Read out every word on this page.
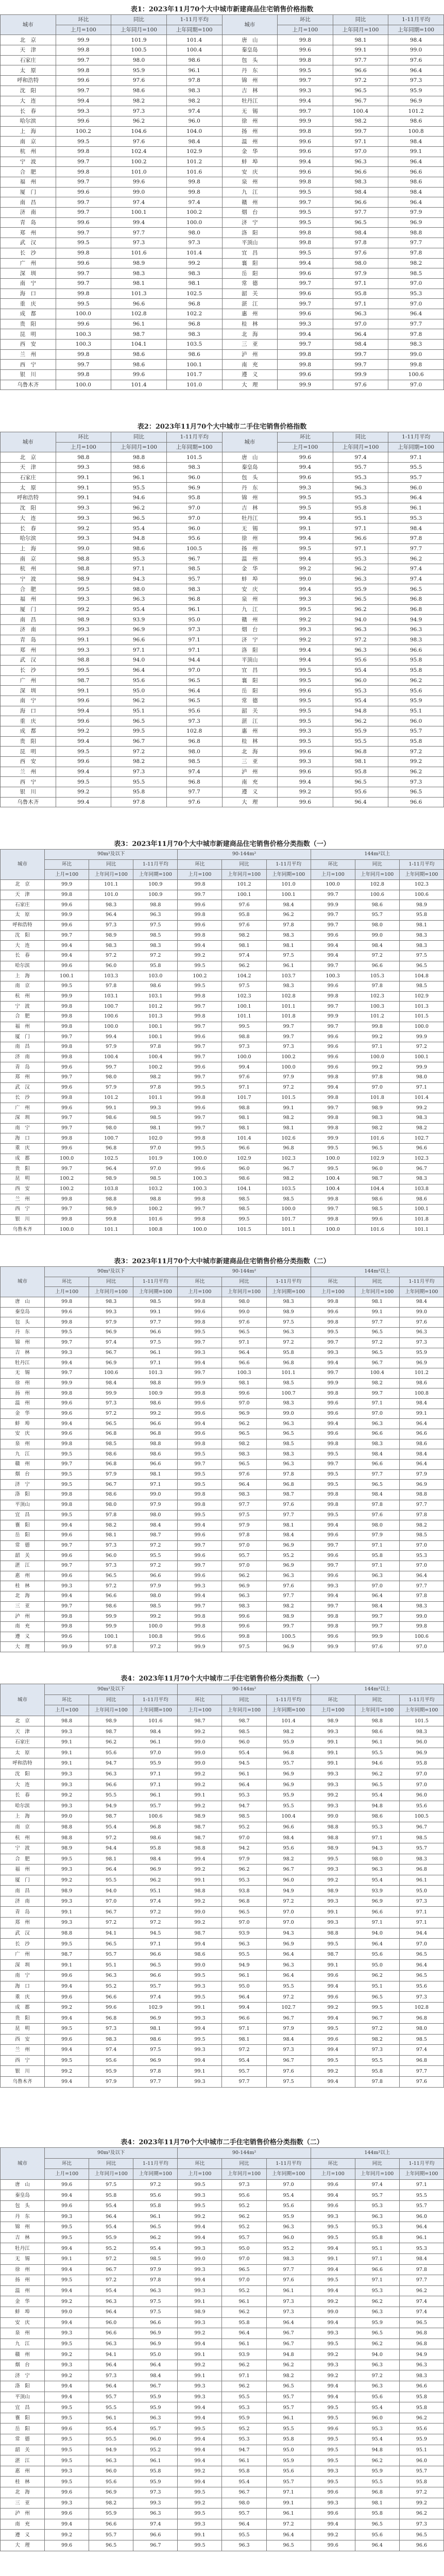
表1：2023年11月70个大中城市新建商品住宅销售价格指数
城市	环比	同比	1-11月平均	城市	环比	同比	1-11月平均
	上月=100	上年同月=100	上年同期=100		上月=100	上年同月=100	上年同期=100
北　京	99.9	101.9	101.4	唐　山	99.8	98.1	98.4
天　津	99.8	100.5	100.4	秦皇岛	99.6	99.1	99.0
石家庄	99.7	98.0	98.6	包　头	99.8	97.7	97.6
太　原	99.8	95.9	96.1	丹　东	99.5	96.6	96.4
呼和浩特	99.6	97.6	97.8	锦　州	99.7	97.2	97.3
沈　阳	99.7	98.6	98.3	吉　林	99.3	96.5	95.9
大　连	99.4	98.2	98.2	牡丹江	99.4	96.7	96.9
长　春	99.3	97.3	97.4	无　锡	99.7	100.4	101.2
哈尔滨	99.6	96.2	96.0	徐　州	99.9	98.2	98.6
上　海	100.2	104.6	104.0	扬　州	99.8	99.7	100.8
南　京	99.5	97.6	98.4	温　州	99.6	97.1	98.4
杭　州	99.8	102.4	102.9	金　华	99.6	97.0	99.1
宁　波	99.7	100.2	101.2	蚌　埠	99.4	96.3	96.4
合　肥	99.8	101.0	101.6	安　庆	99.6	96.6	96.6
福　州	99.7	99.6	99.8	泉　州	99.8	98.3	98.6
厦　门	99.6	99.0	99.8	九　江	99.5	98.4	98.4
南　昌	99.7	97.4	97.4	赣　州	99.7	96.6	96.4
济　南	99.7	100.1	100.2	烟　台	99.5	97.7	97.9
青　岛	99.6	99.4	100.0	济　宁	99.5	96.5	96.9
郑　州	99.7	97.7	98.0	洛　阳	99.8	98.4	98.8
武　汉	99.5	97.3	97.3	平顶山	99.8	97.8	97.7
长　沙	99.8	101.6	101.4	宜　昌	99.5	97.6	97.8
广　州	99.6	98.9	99.2	襄　阳	99.4	98.0	98.2
深　圳	99.7	98.3	98.3	岳　阳	99.6	97.9	98.5
南　宁	99.7	98.1	98.1	常　德	99.7	97.1	97.0
海　口	99.8	101.3	102.5	韶　关	99.6	95.8	95.3
重　庆	99.5	96.6	96.8	湛　江	99.7	97.1	97.0
成　都	100.0	102.8	102.2	惠　州	99.6	96.3	96.4
贵　阳	99.6	96.1	96.8	桂　林	99.3	97.0	97.7
昆　明	100.3	98.7	98.3	北　海	99.4	96.4	97.8
西　安	100.3	104.1	103.5	三　亚	99.7	98.4	98.3
兰　州	99.8	98.6	98.6	泸　州	99.8	99.7	99.0
西　宁	99.7	98.6	100.1	南　充	99.8	99.7	99.8
银　川	99.8	99.6	101.7	遵　义	99.6	99.9	100.6
乌鲁木齐	100.0	101.4	101.0	大　理	99.9	97.6	97.0
表2：2023年11月70个大中城市二手住宅销售价格指数
城市	环比	同比	1-11月平均	城市	环比	同比	1-11月平均
	上月=100	上年同月=100	上年同期=100		上月=100	上年同月=100	上年同期=100
北　京	98.8	98.8	101.5	唐　山	99.6	97.4	97.1
天　津	99.3	98.6	98.3	秦皇岛	99.4	95.7	95.5
石家庄	99.1	96.1	96.0	包　头	99.6	95.3	95.7
太　原	99.1	95.5	96.9	丹　东	99.3	96.3	96.0
呼和浩特	99.1	94.6	95.8	锦　州	99.5	95.3	96.4
沈　阳	99.3	96.2	97.0	吉　林	99.5	95.8	96.1
大　连	99.3	96.5	97.0	牡丹江	99.4	95.1	95.3
长　春	99.2	95.4	96.0	无　锡	99.1	97.1	98.4
哈尔滨	99.3	94.8	95.6	徐　州	99.4	96.6	97.8
上　海	99.0	98.6	100.5	扬　州	99.5	97.1	97.7
南　京	98.8	95.3	96.7	温　州	99.4	95.3	96.2
杭　州	98.8	97.1	98.5	金　华	99.2	96.2	97.4
宁　波	98.9	94.3	95.7	蚌　埠	99.0	96.3	97.4
合　肥	99.5	98.0	98.3	安　庆	99.4	95.9	96.5
福　州	99.3	96.3	96.8	泉　州	99.3	96.5	96.8
厦　门	99.2	95.4	96.1	九　江	99.5	96.2	96.8
南　昌	98.9	93.9	95.0	赣　州	99.2	94.0	94.9
济　南	99.3	96.9	97.3	烟　台	99.3	96.3	96.3
青　岛	99.1	96.6	97.1	济　宁	99.2	97.2	98.3
郑　州	99.3	97.1	97.1	洛　阳	99.4	96.3	96.6
武　汉	98.8	94.0	94.4	平顶山	99.4	95.6	95.8
长　沙	99.5	96.4	97.0	宜　昌	99.5	95.4	95.8
广　州	98.7	95.6	96.5	襄　阳	99.5	96.0	96.2
深　圳	99.1	95.0	96.4	岳　阳	99.6	95.3	95.6
南　宁	99.6	96.2	96.5	常　德	99.5	95.4	95.9
海　口	99.4	95.1	95.6	韶　关	99.5	94.8	95.1
重　庆	99.6	96.5	97.3	湛　江	99.5	96.2	96.0
成　都	99.2	99.5	102.8	惠　州	99.3	95.9	95.7
贵　阳	99.4	96.7	96.8	桂　林	99.5	95.5	95.8
昆　明	99.5	97.2	98.0	北　海	99.6	96.8	97.2
西　安	99.6	98.2	98.5	三　亚	99.3	98.1	99.2
兰　州	99.4	97.3	97.4	泸　州	99.6	95.8	96.2
西　宁	99.5	95.5	96.8	南　充	99.4	96.5	97.3
银　川	99.2	95.8	97.7	遵　义	99.2	95.6	96.5
乌鲁木齐	99.4	97.8	97.6	大　理	99.6	96.4	96.6
表3：2023年11月70个大中城市新建商品住宅销售价格分类指数（一）
城市	90m²及以下			90-144m²			144m²以上		
	环比	同比	1-11月平均	环比	同比	1-11月平均	环比	同比	1-11月平均
	上月=100	上年同月=100	上年同期=100	上月=100	上年同月=100	上年同期=100	上月=100	上年同月=100	上年同期=100
北　京	99.9	101.1	100.9	99.8	101.2	101.0	100.0	102.8	102.3
天　津	99.8	101.0	100.9	99.7	100.1	100.1	99.7	100.6	100.6
石家庄	99.6	98.3	98.8	99.6	97.6	98.4	99.9	98.6	98.9
太　原	99.9	96.4	96.3	99.8	95.8	96.2	99.7	95.7	95.8
呼和浩特	99.6	97.3	97.5	99.6	97.6	97.8	99.7	98.0	98.1
沈　阳	99.7	98.9	98.5	99.8	98.2	98.3	99.6	99.0	98.3
大　连	99.4	98.3	98.3	99.4	98.1	98.1	99.4	98.4	98.3
长　春	99.4	97.2	97.2	99.2	97.4	97.5	99.4	97.2	97.5
哈尔滨	99.6	96.0	95.8	99.5	96.2	96.1	99.7	96.6	96.5
上　海	100.1	103.3	103.0	100.2	104.2	103.7	100.3	105.3	104.8
南　京	99.5	97.8	98.6	99.5	97.5	98.3	99.6	97.8	98.5
杭　州	99.9	103.1	103.1	99.8	102.3	102.8	99.8	102.3	102.9
宁　波	99.8	100.7	101.2	99.7	100.1	101.1	99.7	100.3	101.3
合　肥	99.8	100.6	101.3	99.8	101.1	101.8	99.9	101.2	101.5
福　州	99.8	100.0	100.1	99.7	99.5	99.7	99.7	99.8	100.0
厦　门	99.7	99.4	100.1	99.6	98.8	99.7	99.6	99.2	99.9
南　昌	99.8	97.9	97.8	99.7	97.3	97.3	99.6	97.1	97.2
济　南	99.8	100.4	100.4	99.7	100.0	100.2	99.6	100.0	100.1
青　岛	99.6	99.7	100.2	99.6	99.4	100.0	99.6	99.2	99.9
郑　州	99.7	98.0	98.2	99.7	97.6	97.9	99.8	97.8	98.0
武　汉	99.6	97.9	97.8	99.5	97.1	97.2	99.4	97.0	97.1
长　沙	99.8	101.2	101.1	99.8	101.7	101.5	99.8	101.8	101.4
广　州	99.6	99.1	99.3	99.6	98.8	99.1	99.7	98.9	99.2
深　圳	99.7	98.6	98.5	99.7	98.1	98.2	99.8	98.3	98.3
南　宁	99.7	98.0	98.1	99.7	98.1	98.1	99.8	98.2	98.2
海　口	99.8	100.7	102.0	99.8	101.4	102.6	99.9	101.6	102.7
重　庆	99.6	96.8	97.0	99.5	96.6	96.8	99.5	96.5	96.6
成　都	100.0	102.5	101.9	100.0	102.9	102.3	100.0	102.9	102.3
贵　阳	99.7	96.4	97.0	99.6	96.0	96.7	99.5	96.0	96.7
昆　明	100.2	98.9	98.5	100.3	98.6	98.2	100.4	98.7	98.3
西　安	100.2	103.8	103.2	100.3	104.1	103.5	100.4	104.4	103.8
兰　州	99.8	98.8	98.8	99.8	98.5	98.5	99.8	98.6	98.6
西　宁	99.7	98.9	100.2	99.7	98.5	100.0	99.7	98.5	100.1
银　川	99.8	99.8	101.6	99.8	99.5	101.7	99.8	99.6	101.8
乌鲁木齐	100.0	101.1	100.8	100.0	101.5	101.1	100.0	101.6	101.1
表3：2023年11月70个大中城市新建商品住宅销售价格分类指数（二）
城市	90m²及以下			90-144m²			144m²以上		
	环比	同比	1-11月平均	环比	同比	1-11月平均	环比	同比	1-11月平均
	上月=100	上年同月=100	上年同期=100	上月=100	上年同月=100	上年同期=100	上月=100	上年同月=100	上年同期=100
唐　山	99.8	98.3	98.5	99.8	98.0	98.3	99.8	98.1	98.4
秦皇岛	99.6	99.3	99.1	99.6	99.0	98.9	99.6	99.1	99.0
包　头	99.8	97.9	97.7	99.8	97.6	97.5	99.8	97.7	97.6
丹　东	99.5	96.9	96.6	99.5	96.5	96.3	99.5	96.5	96.3
锦　州	99.7	97.4	97.5	99.7	97.1	97.2	99.7	97.2	97.3
吉　林	99.3	96.7	96.1	99.3	96.4	95.8	99.3	96.5	95.9
牡丹江	99.4	96.9	97.1	99.4	96.6	96.8	99.4	96.7	96.9
无　锡	99.7	100.6	101.3	99.7	100.3	101.1	99.7	100.4	101.2
徐　州	99.9	98.4	98.8	99.9	98.1	98.5	99.9	98.2	98.6
扬　州	99.8	99.9	100.9	99.8	99.6	100.7	99.8	99.7	100.8
温　州	99.6	97.3	98.6	99.6	97.0	98.3	99.6	97.1	98.4
金　华	99.6	97.2	99.2	99.6	96.9	99.0	99.6	97.0	99.1
蚌　埠	99.4	96.5	96.6	99.4	96.2	96.3	99.4	96.3	96.4
安　庆	99.6	96.8	96.8	99.6	96.5	96.5	99.6	96.6	96.6
泉　州	99.8	98.5	98.8	99.8	98.2	98.5	99.8	98.3	98.6
九　江	99.5	98.6	98.6	99.5	98.3	98.3	99.5	98.4	98.4
赣　州	99.7	96.8	96.6	99.7	96.5	96.3	99.7	96.6	96.4
烟　台	99.5	97.9	98.1	99.5	97.6	97.8	99.5	97.7	97.9
济　宁	99.5	96.7	97.1	99.5	96.4	96.8	99.5	96.5	96.9
洛　阳	99.8	98.6	99.0	99.8	98.3	98.7	99.8	98.4	98.8
平顶山	99.8	98.0	97.9	99.8	97.7	97.6	99.8	97.8	97.7
宜　昌	99.5	97.8	98.0	99.5	97.5	97.7	99.5	97.6	97.8
襄　阳	99.4	98.2	98.4	99.4	97.9	98.1	99.4	98.0	98.2
岳　阳	99.6	98.1	98.7	99.6	97.8	98.4	99.6	97.9	98.5
常　德	99.7	97.3	97.2	99.7	97.0	96.9	99.7	97.1	97.0
韶　关	99.6	96.0	95.5	99.6	95.7	95.2	99.6	95.8	95.3
湛　江	99.7	97.3	97.2	99.7	97.0	96.9	99.7	97.1	97.0
惠　州	99.6	96.5	96.6	99.6	96.2	96.3	99.6	96.3	96.4
桂　林	99.3	97.2	97.9	99.3	96.9	97.6	99.3	97.0	97.7
北　海	99.4	96.6	98.0	99.4	96.3	97.7	99.4	96.4	97.8
三　亚	99.7	98.6	98.5	99.7	98.3	98.2	99.7	98.4	98.3
泸　州	99.8	99.9	99.2	99.8	99.6	98.9	99.8	99.7	99.0
南　充	99.8	99.9	100.0	99.8	99.6	99.7	99.8	99.7	99.8
遵　义	99.6	100.1	100.8	99.6	99.8	100.5	99.6	99.9	100.6
大　理	99.9	97.8	97.2	99.9	97.5	96.9	99.9	97.6	97.0
表4：2023年11月70个大中城市二手住宅销售价格分类指数（一）
城市	90m²及以下			90-144m²			144m²以上		
	环比	同比	1-11月平均	环比	同比	1-11月平均	环比	同比	1-11月平均
	上月=100	上年同月=100	上年同期=100	上月=100	上年同月=100	上年同期=100	上月=100	上年同月=100	上年同期=100
北　京	98.8	98.9	101.6	98.7	98.7	101.4	98.9	98.8	101.5
天　津	99.3	98.7	98.4	99.2	98.5	98.2	99.3	98.6	98.3
石家庄	99.1	96.2	96.1	99.0	96.0	95.9	99.1	96.1	96.0
太　原	99.1	95.6	97.0	99.0	95.4	96.8	99.1	95.5	96.9
呼和浩特	99.1	94.7	95.9	99.0	94.5	95.7	99.1	94.6	95.8
沈　阳	99.3	96.3	97.1	99.2	96.1	96.9	99.3	96.2	97.0
大　连	99.3	96.6	97.1	99.2	96.4	96.9	99.3	96.5	97.0
长　春	99.2	95.5	96.1	99.1	95.3	95.9	99.2	95.4	96.0
哈尔滨	99.3	94.9	95.7	99.2	94.7	95.5	99.3	94.8	95.6
上　海	99.0	98.7	100.6	98.9	98.5	100.4	99.0	98.6	100.5
南　京	98.8	95.4	96.8	98.7	95.2	96.6	98.8	95.3	96.7
杭　州	98.8	97.2	98.6	98.7	97.0	98.4	98.8	97.1	98.5
宁　波	98.9	94.4	95.8	98.8	94.2	95.6	98.9	94.3	95.7
合　肥	99.5	98.1	98.4	99.4	97.9	98.2	99.5	98.0	98.3
福　州	99.3	96.4	96.9	99.2	96.2	96.7	99.3	96.3	96.8
厦　门	99.2	95.5	96.2	99.1	95.3	96.0	99.2	95.4	96.1
南　昌	98.9	94.0	95.1	98.8	93.8	94.9	98.9	93.9	95.0
济　南	99.3	97.0	97.4	99.2	96.8	97.2	99.3	96.9	97.3
青　岛	99.1	96.7	97.2	99.0	96.5	97.0	99.1	96.6	97.1
郑　州	99.3	97.2	97.2	99.2	97.0	97.0	99.3	97.1	97.1
武　汉	98.8	94.1	94.5	98.7	93.9	94.3	98.8	94.0	94.4
长　沙	99.5	96.5	97.1	99.4	96.3	96.9	99.5	96.4	97.0
广　州	98.7	95.7	96.6	98.6	95.5	96.4	98.7	95.6	96.5
深　圳	99.1	95.1	96.5	99.0	94.9	96.3	99.1	95.0	96.4
南　宁	99.6	96.3	96.6	99.5	96.1	96.4	99.6	96.2	96.5
海　口	99.4	95.2	95.7	99.3	95.0	95.5	99.4	95.1	95.6
重　庆	99.6	96.6	97.4	99.5	96.4	97.2	99.6	96.5	97.3
成　都	99.2	99.6	102.9	99.1	99.4	102.7	99.2	99.5	102.8
贵　阳	99.4	96.8	96.9	99.3	96.6	96.7	99.4	96.7	96.8
昆　明	99.5	97.3	98.1	99.4	97.1	97.9	99.5	97.2	98.0
西　安	99.6	98.3	98.6	99.5	98.1	98.4	99.6	98.2	98.5
兰　州	99.4	97.4	97.5	99.3	97.2	97.3	99.4	97.3	97.4
西　宁	99.5	95.6	96.9	99.4	95.4	96.7	99.5	95.5	96.8
银　川	99.2	95.9	97.8	99.1	95.7	97.6	99.2	95.8	97.7
乌鲁木齐	99.4	97.9	97.7	99.3	97.7	97.5	99.4	97.8	97.6
表4：2023年11月70个大中城市二手住宅销售价格分类指数（二）
城市	90m²及以下			90-144m²			144m²以上		
	环比	同比	1-11月平均	环比	同比	1-11月平均	环比	同比	1-11月平均
	上月=100	上年同月=100	上年同期=100	上月=100	上年同月=100	上年同期=100	上月=100	上年同月=100	上年同期=100
唐　山	99.6	97.5	97.2	99.5	97.3	97.0	99.6	97.4	97.1
秦皇岛	99.4	95.8	95.6	99.3	95.6	95.4	99.4	95.7	95.5
包　头	99.6	95.4	95.8	99.5	95.2	95.6	99.6	95.3	95.7
丹　东	99.3	96.4	96.1	99.2	96.2	95.9	99.3	96.3	96.0
锦　州	99.5	95.4	96.5	99.4	95.2	96.3	99.5	95.3	96.4
吉　林	99.5	95.9	96.2	99.4	95.7	96.0	99.5	95.8	96.1
牡丹江	99.4	95.2	95.4	99.3	95.0	95.2	99.4	95.1	95.3
无　锡	99.1	97.2	98.5	99.0	97.0	98.3	99.1	97.1	98.4
徐　州	99.4	96.7	97.9	99.3	96.5	97.7	99.4	96.6	97.8
扬　州	99.5	97.2	97.8	99.4	97.0	97.6	99.5	97.1	97.7
温　州	99.4	95.4	96.3	99.3	95.2	96.1	99.4	95.3	96.2
金　华	99.2	96.3	97.5	99.1	96.1	97.3	99.2	96.2	97.4
蚌　埠	99.0	96.4	97.5	98.9	96.2	97.3	99.0	96.3	97.4
安　庆	99.4	96.0	96.6	99.3	95.8	96.4	99.4	95.9	96.5
泉　州	99.3	96.6	96.9	99.2	96.4	96.7	99.3	96.5	96.8
九　江	99.5	96.3	96.9	99.4	96.1	96.7	99.5	96.2	96.8
赣　州	99.2	94.1	95.0	99.1	93.9	94.8	99.2	94.0	94.9
烟　台	99.3	96.4	96.4	99.2	96.2	96.2	99.3	96.3	96.3
济　宁	99.2	97.3	98.4	99.1	97.1	98.2	99.2	97.2	98.3
洛　阳	99.4	96.4	96.7	99.3	96.2	96.5	99.4	96.3	96.6
平顶山	99.4	95.7	95.9	99.3	95.5	95.7	99.4	95.6	95.8
宜　昌	99.5	95.5	95.9	99.4	95.3	95.7	99.5	95.4	95.8
襄　阳	99.5	96.1	96.3	99.4	95.9	96.1	99.5	96.0	96.2
岳　阳	99.6	95.4	95.7	99.5	95.2	95.5	99.6	95.3	95.6
常　德	99.5	95.5	96.0	99.4	95.3	95.8	99.5	95.4	95.9
韶　关	99.5	94.9	95.2	99.4	94.7	95.0	99.5	94.8	95.1
湛　江	99.5	96.3	96.1	99.4	96.1	95.9	99.5	96.2	96.0
惠　州	99.3	96.0	95.8	99.2	95.8	95.6	99.3	95.9	95.7
桂　林	99.5	95.6	95.9	99.4	95.4	95.7	99.5	95.5	95.8
北　海	99.6	96.9	97.3	99.5	96.7	97.1	99.6	96.8	97.2
三　亚	99.3	98.2	99.3	99.2	98.0	99.1	99.3	98.1	99.2
泸　州	99.6	95.9	96.3	99.5	95.7	96.1	99.6	95.8	96.2
南　充	99.4	96.6	97.4	99.3	96.4	97.2	99.4	96.5	97.3
遵　义	99.2	95.7	96.6	99.1	95.5	96.4	99.2	95.6	96.5
大　理	99.6	96.5	96.7	99.5	96.3	96.5	99.6	96.4	96.6
